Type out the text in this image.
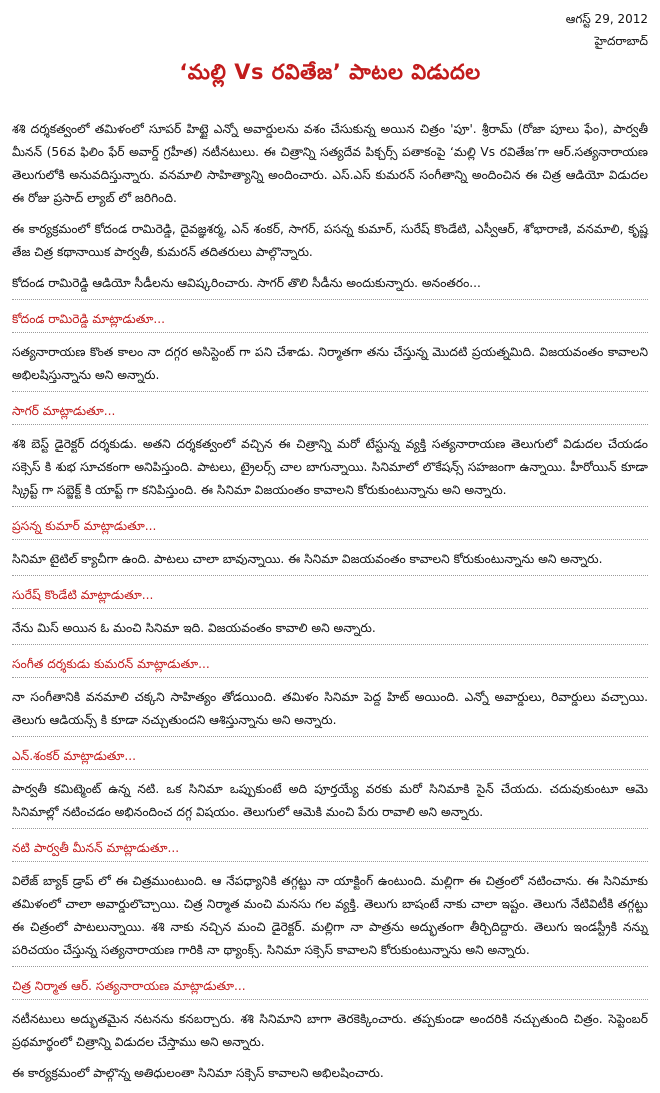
ఆగస్ట్ 29, 2012
హైదరాబాద్
‘మల్లి Vs రవితేజ’ పాటల విడుదల

శశి దర్శకత్వంలో తమిళంలో సూపర్ హిట్టై ఎన్నో అవార్డులను వశం చేసుకున్న అయిన చిత్రం 'పూ'. శ్రీరామ్ (రోజా పూలు ఫేం), పార్వతీ మీనన్ (56వ ఫిలిం ఫేర్ అవార్డ్ గ్రహీత) నటీనటులు. ఈ చిత్రాన్ని సత్యదేవ పిక్చర్స్ పతాకంపై ‘మల్లి Vs రవితేజ’గా ఆర్.సత్యనారాయణ తెలుగులోకి అనువదిస్తున్నారు. వనమాలి సాహిత్యాన్ని అందించారు. ఎస్.ఎస్ కుమరన్ సంగీతాన్ని అందించిన ఈ చిత్ర ఆడియో విడుదల ఈ రోజు ప్రసాద్ ల్యాబ్ లో జరిగింది.

ఈ కార్యక్రమంలో కోదండ రామిరెడ్డి, దైవజ్ఞశర్మ, ఎన్ శంకర్, సాగర్, పసన్న కుమార్, సురేష్ కొండేటి, ఎస్వీఆర్, శోభారాణి, వనమాలి, కృష్ణ తేజ చిత్ర కథానాయిక పార్వతీ, కుమరన్ తదితరులు పాల్గొన్నారు.

కోదండ రామిరెడ్డి ఆడియో సీడీలను ఆవిష్కరించారు. సాగర్ తొలి సీడీను అందుకున్నారు. అనంతరం...

కోదండ రామిరెడ్డి మాట్లాడుతూ...

సత్యనారాయణ కొంత కాలం నా దగ్గర అసిస్టెంట్ గా పని చేశాడు. నిర్మాతగా తను చేస్తున్న మొదటి ప్రయత్నమిది. విజయవంతం కావాలని అభిలషిస్తున్నాను అని అన్నారు.

సాగర్ మాట్లాడుతూ...

శశి బెస్ట్ డైరెక్టర్ దర్శకుడు. అతని దర్శకత్వంలో వచ్చిన ఈ చిత్రాన్ని మరో టేస్టున్న వ్యక్తి సత్యనారాయణ తెలుగులో విడుదల చేయడం సక్సెస్ కి శుభ సూచకంగా అనిపిస్తుంది. పాటలు, ట్రైలర్స్ చాల బాగున్నాయి. సినిమాలో లొకేషన్స్ సహజంగా ఉన్నాయి. హీరోయిన్ కూడా స్క్రిప్ట్ గా సబ్జెక్ట్ కి యాప్ట్ గా కనిపిస్తుంది. ఈ సినిమా విజయంతం కావాలని కోరుకుంటున్నాను అని అన్నారు.

ప్రసన్న కుమార్ మాట్లాడుతూ...

సినిమా టైటిల్ క్యాచీగా ఉంది. పాటలు చాలా బావున్నాయి. ఈ సినిమా విజయవంతం కావాలని కోరుకుంటున్నాను అని అన్నారు.

సురేష్ కొండేటి మాట్లాడుతూ...

నేను మిస్ అయిన ఓ మంచి సినిమా ఇది. విజయవంతం కావాలి అని అన్నారు.

సంగీత దర్శకుడు కుమరన్ మాట్లాడుతూ...

నా సంగీతానికి వనమాలి చక్కని సాహిత్యం తోడయింది. తమిళం సినిమా పెద్ద హిట్ అయింది. ఎన్నో అవార్డులు, రివార్డులు వచ్చాయి. తెలుగు ఆడియన్స్ కి కూడా నచ్చుతుందని ఆశిస్తున్నాను అని అన్నారు.

ఎన్.శంకర్ మాట్లాడుతూ...

పార్వతీ కమిట్మెంట్ ఉన్న నటి. ఒక సినిమా ఒప్పుకుంటే అది పూర్తయ్యే వరకు మరో సినిమాకి సైన్ చేయదు. చదువుకుంటూ ఆమె సినిమాల్లో నటించడం అభినందించ దగ్గ విషయం. తెలుగులో ఆమెకి మంచి పేరు రావాలి అని అన్నారు.

నటి పార్వతీ మీనన్ మాట్లాడుతూ...

విలేజ్ బ్యాక్ డ్రాప్ లో ఈ చిత్రముంటుంది. ఆ నేపధ్యానికి తగ్గట్టు నా యాక్టింగ్ ఉంటుంది. మల్లిగా ఈ చిత్రంలో నటించాను. ఈ సినిమాకు తమిళంలో చాలా అవార్డులొచ్చాయి. చిత్ర నిర్మాత మంచి మనసు గల వ్యక్తి. తెలుగు బాషంటే నాకు చాలా ఇష్టం. తెలుగు నేటివిటీకి తగ్గట్టు ఈ చిత్రంలో పాటలున్నాయి. శశి నాకు నచ్చిన మంచి డైరెక్టర్. మల్లిగా నా పాత్రను అద్భుతంగా తీర్చిదిద్దారు. తెలుగు ఇండస్ట్రీకి నన్ను పరిచయం చేస్తున్న సత్యనారాయణ గారికి నా థ్యాంక్స్. సినిమా సక్సెస్ కావాలని కోరుకుంటున్నాను అని అన్నారు.

చిత్ర నిర్మాత ఆర్. సత్యనారాయణ మాట్లాడుతూ...

నటీనటులు అద్భుతమైన నటనను కనబర్చారు. శశి సినిమాని బాగా తెరకెక్కించారు. తప్పకుండా అందరికి నచ్చుతుంది చిత్రం. సెప్టెంబర్ ప్రథమార్థంలో చిత్రాన్ని విడుదల చేస్తాము అని అన్నారు.

ఈ కార్యక్రమంలో పాల్గొన్న అతిధులంతా సినిమా సక్సెస్ కావాలని అభిలషించారు.
